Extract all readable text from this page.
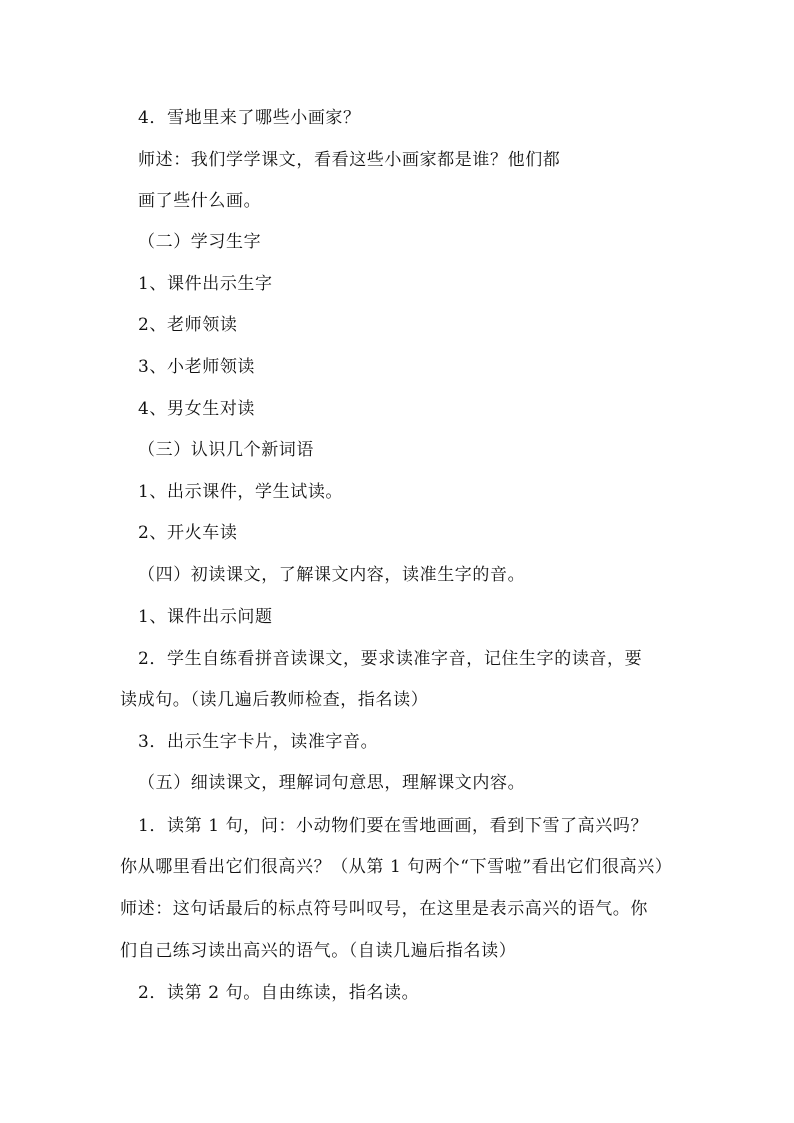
4．雪地里来了哪些小画家？
师述：我们学学课文，看看这些小画家都是谁？他们都
画了些什么画。
（二）学习生字
1、课件出示生字
2、老师领读
3、小老师领读
4、男女生对读
（三）认识几个新词语
1、出示课件，学生试读。
2、开火车读
（四）初读课文，了解课文内容，读准生字的音。
1、课件出示问题
2．学生自练看拼音读课文，要求读准字音，记住生字的读音，要
读成句。（读几遍后教师检查，指名读）
3．出示生字卡片，读准字音。
（五）细读课文，理解词句意思，理解课文内容。
1．读第 1 句，问：小动物们要在雪地画画，看到下雪了高兴吗？
你从哪里看出它们很高兴？（从第 1 句两个“下雪啦”看出它们很高兴）
师述：这句话最后的标点符号叫叹号，在这里是表示高兴的语气。你
们自己练习读出高兴的语气。（自读几遍后指名读）
2．读第 2 句。自由练读，指名读。
